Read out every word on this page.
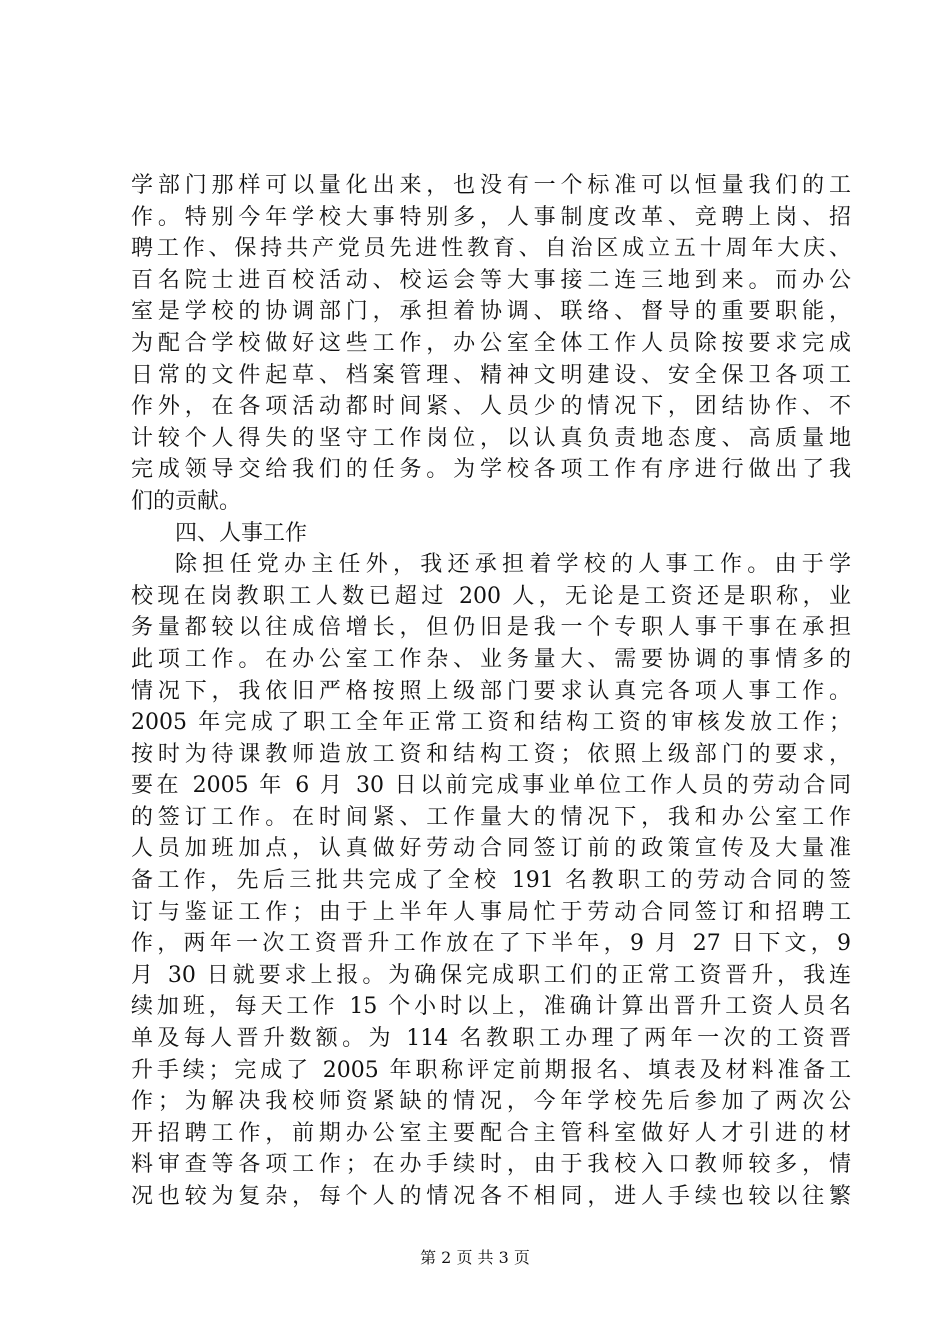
学部门那样可以量化出来，也没有一个标准可以恒量我们的工
作。特别今年学校大事特别多，人事制度改革、竞聘上岗、招
聘工作、保持共产党员先进性教育、自治区成立五十周年大庆、
百名院士进百校活动、校运会等大事接二连三地到来。而办公
室是学校的协调部门，承担着协调、联络、督导的重要职能，
为配合学校做好这些工作，办公室全体工作人员除按要求完成
日常的文件起草、档案管理、精神文明建设、安全保卫各项工
作外，在各项活动都时间紧、人员少的情况下，团结协作、不
计较个人得失的坚守工作岗位，以认真负责地态度、高质量地
完成领导交给我们的任务。为学校各项工作有序进行做出了我
们的贡献。
四、人事工作
除担任党办主任外，我还承担着学校的人事工作。由于学
校现在岗教职工人数已超过 200 人，无论是工资还是职称，业
务量都较以往成倍增长，但仍旧是我一个专职人事干事在承担
此项工作。在办公室工作杂、业务量大、需要协调的事情多的
情况下，我依旧严格按照上级部门要求认真完各项人事工作。
2005 年完成了职工全年正常工资和结构工资的审核发放工作；
按时为待课教师造放工资和结构工资；依照上级部门的要求，
要在 2005 年 6 月 30 日以前完成事业单位工作人员的劳动合同
的签订工作。在时间紧、工作量大的情况下，我和办公室工作
人员加班加点，认真做好劳动合同签订前的政策宣传及大量准
备工作，先后三批共完成了全校 191 名教职工的劳动合同的签
订与鉴证工作；由于上半年人事局忙于劳动合同签订和招聘工
作，两年一次工资晋升工作放在了下半年，9 月 27 日下文，9
月 30 日就要求上报。为确保完成职工们的正常工资晋升，我连
续加班，每天工作 15 个小时以上，准确计算出晋升工资人员名
单及每人晋升数额。为 114 名教职工办理了两年一次的工资晋
升手续；完成了 2005 年职称评定前期报名、填表及材料准备工
作；为解决我校师资紧缺的情况，今年学校先后参加了两次公
开招聘工作，前期办公室主要配合主管科室做好人才引进的材
料审查等各项工作；在办手续时，由于我校入口教师较多，情
况也较为复杂，每个人的情况各不相同，进人手续也较以往繁
第 2 页 共 3 页
